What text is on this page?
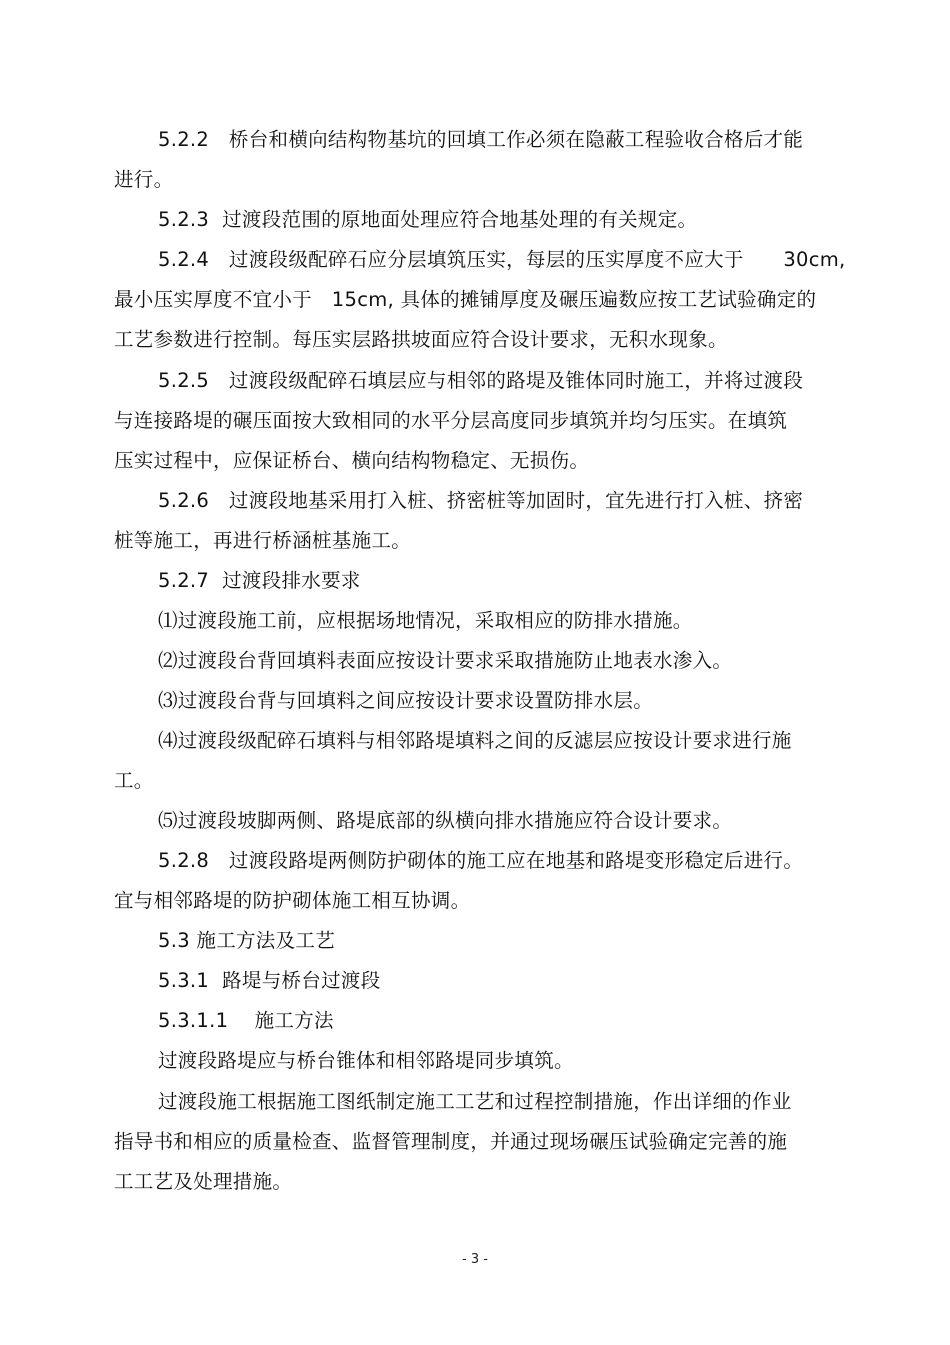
5.2.2　桥台和横向结构物基坑的回填工作必须在隐蔽工程验收合格后才能
进行。
5.2.3  过渡段范围的原地面处理应符合地基处理的有关规定。
5.2.4　过渡段级配碎石应分层填筑压实，每层的压实厚度不应大于　　30cm,
最小压实厚度不宜小于　15cm, 具体的摊铺厚度及碾压遍数应按工艺试验确定的
工艺参数进行控制。每压实层路拱坡面应符合设计要求，无积水现象。
5.2.5　过渡段级配碎石填层应与相邻的路堤及锥体同时施工，并将过渡段
与连接路堤的碾压面按大致相同的水平分层高度同步填筑并均匀压实。在填筑
压实过程中，应保证桥台、横向结构物稳定、无损伤。
5.2.6　过渡段地基采用打入桩、挤密桩等加固时，宜先进行打入桩、挤密
桩等施工，再进行桥涵桩基施工。
5.2.7  过渡段排水要求
⑴过渡段施工前，应根据场地情况，采取相应的防排水措施。
⑵过渡段台背回填料表面应按设计要求采取措施防止地表水渗入。
⑶过渡段台背与回填料之间应按设计要求设置防排水层。
⑷过渡段级配碎石填料与相邻路堤填料之间的反滤层应按设计要求进行施
工。
⑸过渡段坡脚两侧、路堤底部的纵横向排水措施应符合设计要求。
5.2.8　过渡段路堤两侧防护砌体的施工应在地基和路堤变形稳定后进行。
宜与相邻路堤的防护砌体施工相互协调。
5.3 施工方法及工艺
5.3.1  路堤与桥台过渡段
5.3.1.1　 施工方法
过渡段路堤应与桥台锥体和相邻路堤同步填筑。
过渡段施工根据施工图纸制定施工工艺和过程控制措施，作出详细的作业
指导书和相应的质量检查、监督管理制度，并通过现场碾压试验确定完善的施
工工艺及处理措施。
- 3 -
